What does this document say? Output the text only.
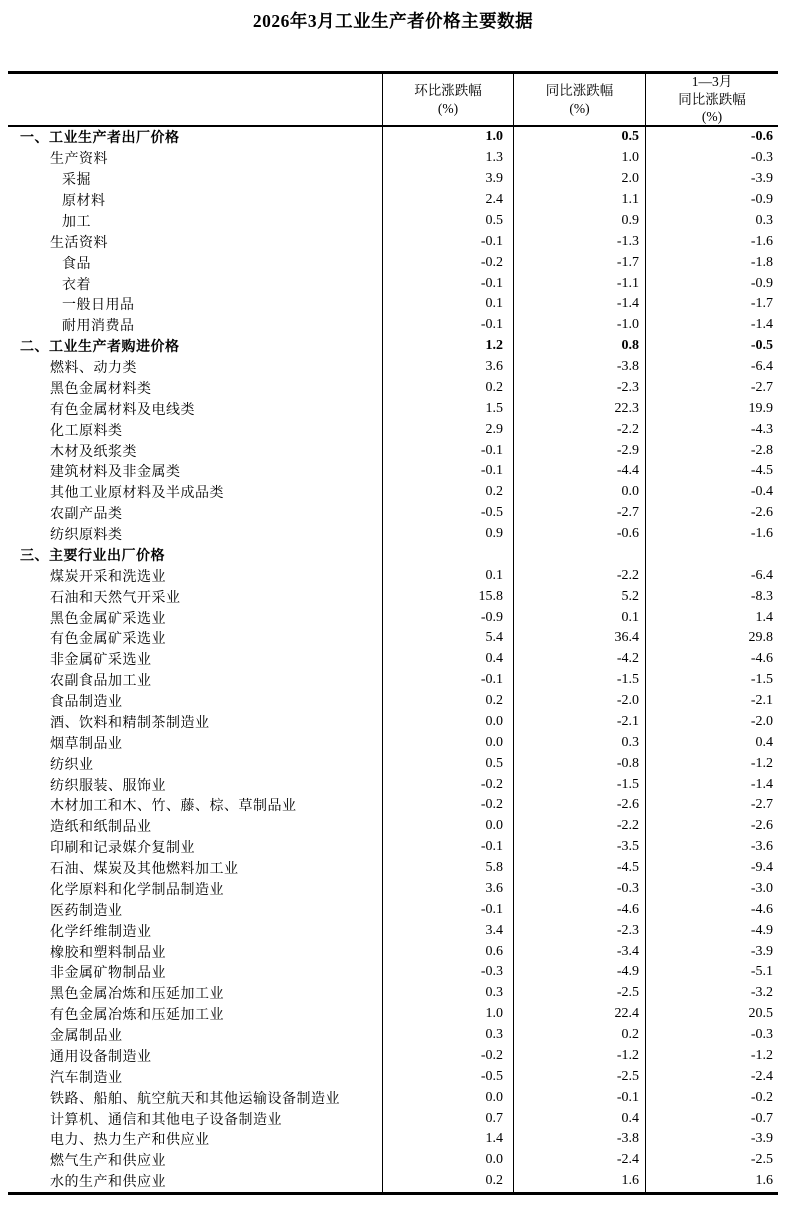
2026年3月工业生产者价格主要数据
环比涨跌幅
(%)
同比涨跌幅
(%)
1—3月
同比涨跌幅
(%)
一、工业生产者出厂价格	1.0	0.5	-0.6
生产资料	1.3	1.0	-0.3
采掘	3.9	2.0	-3.9
原材料	2.4	1.1	-0.9
加工	0.5	0.9	0.3
生活资料	-0.1	-1.3	-1.6
食品	-0.2	-1.7	-1.8
衣着	-0.1	-1.1	-0.9
一般日用品	0.1	-1.4	-1.7
耐用消费品	-0.1	-1.0	-1.4
二、工业生产者购进价格	1.2	0.8	-0.5
燃料、动力类	3.6	-3.8	-6.4
黑色金属材料类	0.2	-2.3	-2.7
有色金属材料及电线类	1.5	22.3	19.9
化工原料类	2.9	-2.2	-4.3
木材及纸浆类	-0.1	-2.9	-2.8
建筑材料及非金属类	-0.1	-4.4	-4.5
其他工业原材料及半成品类	0.2	0.0	-0.4
农副产品类	-0.5	-2.7	-2.6
纺织原料类	0.9	-0.6	-1.6
三、主要行业出厂价格
煤炭开采和洗选业	0.1	-2.2	-6.4
石油和天然气开采业	15.8	5.2	-8.3
黑色金属矿采选业	-0.9	0.1	1.4
有色金属矿采选业	5.4	36.4	29.8
非金属矿采选业	0.4	-4.2	-4.6
农副食品加工业	-0.1	-1.5	-1.5
食品制造业	0.2	-2.0	-2.1
酒、饮料和精制茶制造业	0.0	-2.1	-2.0
烟草制品业	0.0	0.3	0.4
纺织业	0.5	-0.8	-1.2
纺织服装、服饰业	-0.2	-1.5	-1.4
木材加工和木、竹、藤、棕、草制品业	-0.2	-2.6	-2.7
造纸和纸制品业	0.0	-2.2	-2.6
印刷和记录媒介复制业	-0.1	-3.5	-3.6
石油、煤炭及其他燃料加工业	5.8	-4.5	-9.4
化学原料和化学制品制造业	3.6	-0.3	-3.0
医药制造业	-0.1	-4.6	-4.6
化学纤维制造业	3.4	-2.3	-4.9
橡胶和塑料制品业	0.6	-3.4	-3.9
非金属矿物制品业	-0.3	-4.9	-5.1
黑色金属冶炼和压延加工业	0.3	-2.5	-3.2
有色金属冶炼和压延加工业	1.0	22.4	20.5
金属制品业	0.3	0.2	-0.3
通用设备制造业	-0.2	-1.2	-1.2
汽车制造业	-0.5	-2.5	-2.4
铁路、船舶、航空航天和其他运输设备制造业	0.0	-0.1	-0.2
计算机、通信和其他电子设备制造业	0.7	0.4	-0.7
电力、热力生产和供应业	1.4	-3.8	-3.9
燃气生产和供应业	0.0	-2.4	-2.5
水的生产和供应业	0.2	1.6	1.6
